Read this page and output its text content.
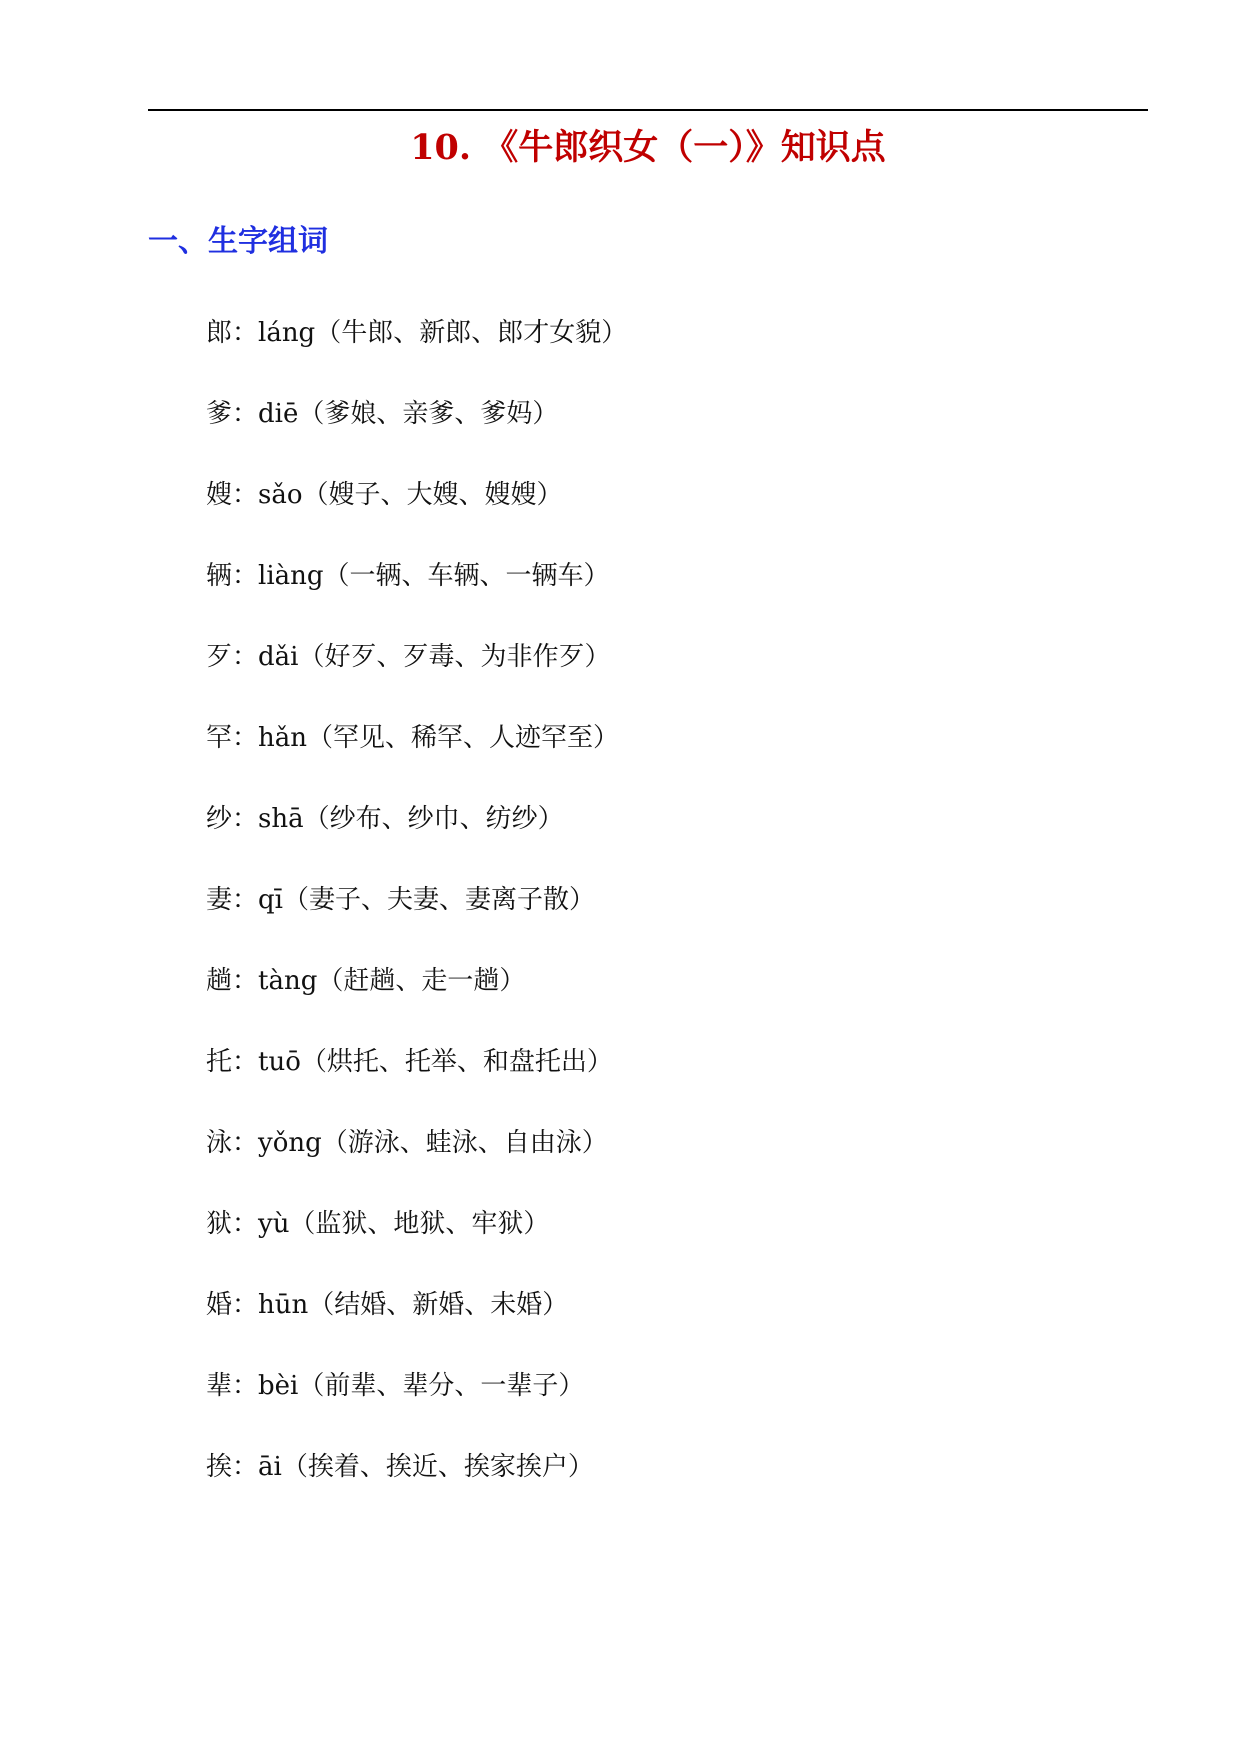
10. 《牛郎织女（一）》知识点
一、生字组词
郎：láng（牛郎、新郎、郎才女貌）
爹：diē（爹娘、亲爹、爹妈）
嫂：sǎo（嫂子、大嫂、嫂嫂）
辆：liàng（一辆、车辆、一辆车）
歹：dǎi（好歹、歹毒、为非作歹）
罕：hǎn（罕见、稀罕、人迹罕至）
纱：shā（纱布、纱巾、纺纱）
妻：qī（妻子、夫妻、妻离子散）
趟：tàng（赶趟、走一趟）
托：tuō（烘托、托举、和盘托出）
泳：yǒng（游泳、蛙泳、自由泳）
狱：yù（监狱、地狱、牢狱）
婚：hūn（结婚、新婚、未婚）
辈：bèi（前辈、辈分、一辈子）
挨：āi（挨着、挨近、挨家挨户）
